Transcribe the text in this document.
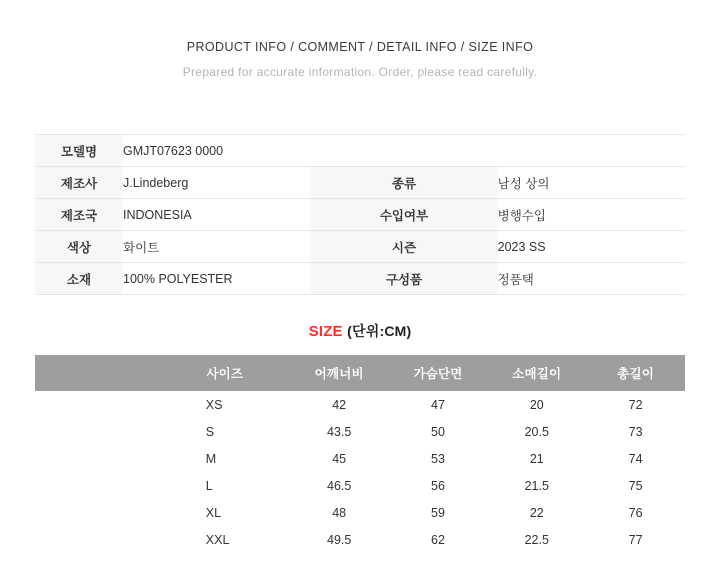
PRODUCT INFO / COMMENT / DETAIL INFO / SIZE INFO

Prepared for accurate information. Order, please read carefully.

모델명	GMJT07623 0000		
제조사	J.Lindeberg	종류	남성 상의
제조국	INDONESIA	수입여부	병행수입
색상	화이트	시즌	2023 SS
소재	100% POLYESTER	구성품	정품택
SIZE (단위:CM)
	사이즈	어깨너비	가슴단면	소매길이	총길이
	XS	42	47	20	72
	S	43.5	50	20.5	73
	M	45	53	21	74
	L	46.5	56	21.5	75
	XL	48	59	22	76
	XXL	49.5	62	22.5	77
